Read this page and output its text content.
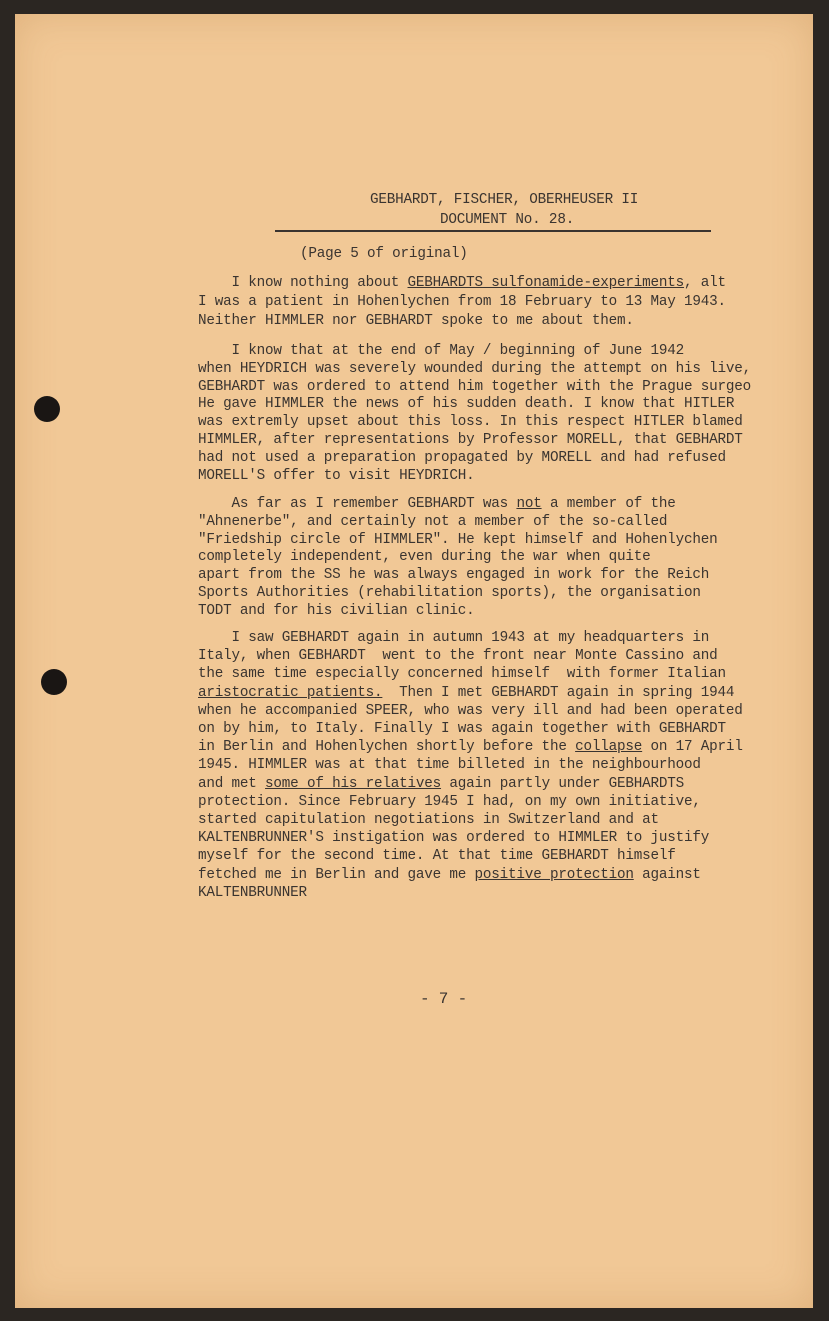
GEBHARDT, FISCHER, OBERHEUSER II
DOCUMENT No. 28.
(Page 5 of original)
I know nothing about GEBHARDTS sulfonamide-experiments, alt
I was a patient in Hohenlychen from 18 February to 13 May 1943.
Neither HIMMLER nor GEBHARDT spoke to me about them.
I know that at the end of May / beginning of June 1942
when HEYDRICH was severely wounded during the attempt on his live,
GEBHARDT was ordered to attend him together with the Prague surgeo
He gave HIMMLER the news of his sudden death. I know that HITLER
was extremly upset about this loss. In this respect HITLER blamed
HIMMLER, after representations by Professor MORELL, that GEBHARDT
had not used a preparation propagated by MORELL and had refused
MORELL'S offer to visit HEYDRICH.
As far as I remember GEBHARDT was not a member of the
"Ahnenerbe", and certainly not a member of the so-called
"Friedship circle of HIMMLER". He kept himself and Hohenlychen
completely independent, even during the war when quite
apart from the SS he was always engaged in work for the Reich
Sports Authorities (rehabilitation sports), the organisation
TODT and for his civilian clinic.
I saw GEBHARDT again in autumn 1943 at my headquarters in
Italy, when GEBHARDT  went to the front near Monte Cassino and
the same time especially concerned himself  with former Italian
aristocratic patients.  Then I met GEBHARDT again in spring 1944
when he accompanied SPEER, who was very ill and had been operated
on by him, to Italy. Finally I was again together with GEBHARDT
in Berlin and Hohenlychen shortly before the collapse on 17 April
1945. HIMMLER was at that time billeted in the neighbourhood
and met some of his relatives again partly under GEBHARDTS
protection. Since February 1945 I had, on my own initiative,
started capitulation negotiations in Switzerland and at
KALTENBRUNNER'S instigation was ordered to HIMMLER to justify
myself for the second time. At that time GEBHARDT himself
fetched me in Berlin and gave me positive protection against
KALTENBRUNNER
- 7 -
